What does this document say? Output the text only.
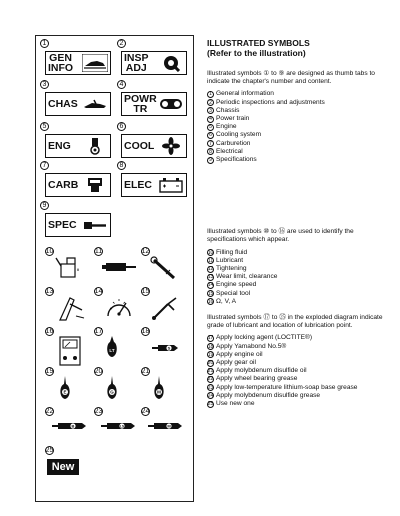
1	2
3	4
5	6
7	8
9
GEN
INFO
INSP
ADJ
CHAS	POWR
TR
ENG	COOL
CARB	ELEC
SPEC
10	11	12
13	14	15
16	17	18
LT	S
19	20	21
E	G	M
22	23	24
B	LS	M
25
New
ILLUSTRATED SYMBOLS
(Refer to the illustration)
Illustrated symbols ① to ⑨ are designed as thumb tabs to indicate the chapter's number and content.
1 General information
2 Periodic inspections and adjustments
3 Chassis
4 Power train
5 Engine
6 Cooling system
7 Carburetion
8 Electrical
9 Specifications
Illustrated symbols ⑩ to ⑯ are used to identify the specifications which appear.
10 Filling fluid
11 Lubricant
12 Tightening
13 Wear limit, clearance
14 Engine speed
15 Special tool
16 Ω, V, A
Illustrated symbols ⑰ to ㉕ in the exploded diagram indicate grade of lubricant and location of lubrication point.
17 Apply locking agent (LOCTITE®)
18 Apply Yamabond No.5®
19 Apply engine oil
20 Apply gear oil
21 Apply molybdenum disulfide oil
22 Apply wheel bearing grease
23 Apply low-temperature lithium-soap base grease
24 Apply molybdenum disulfide grease
25 Use new one
